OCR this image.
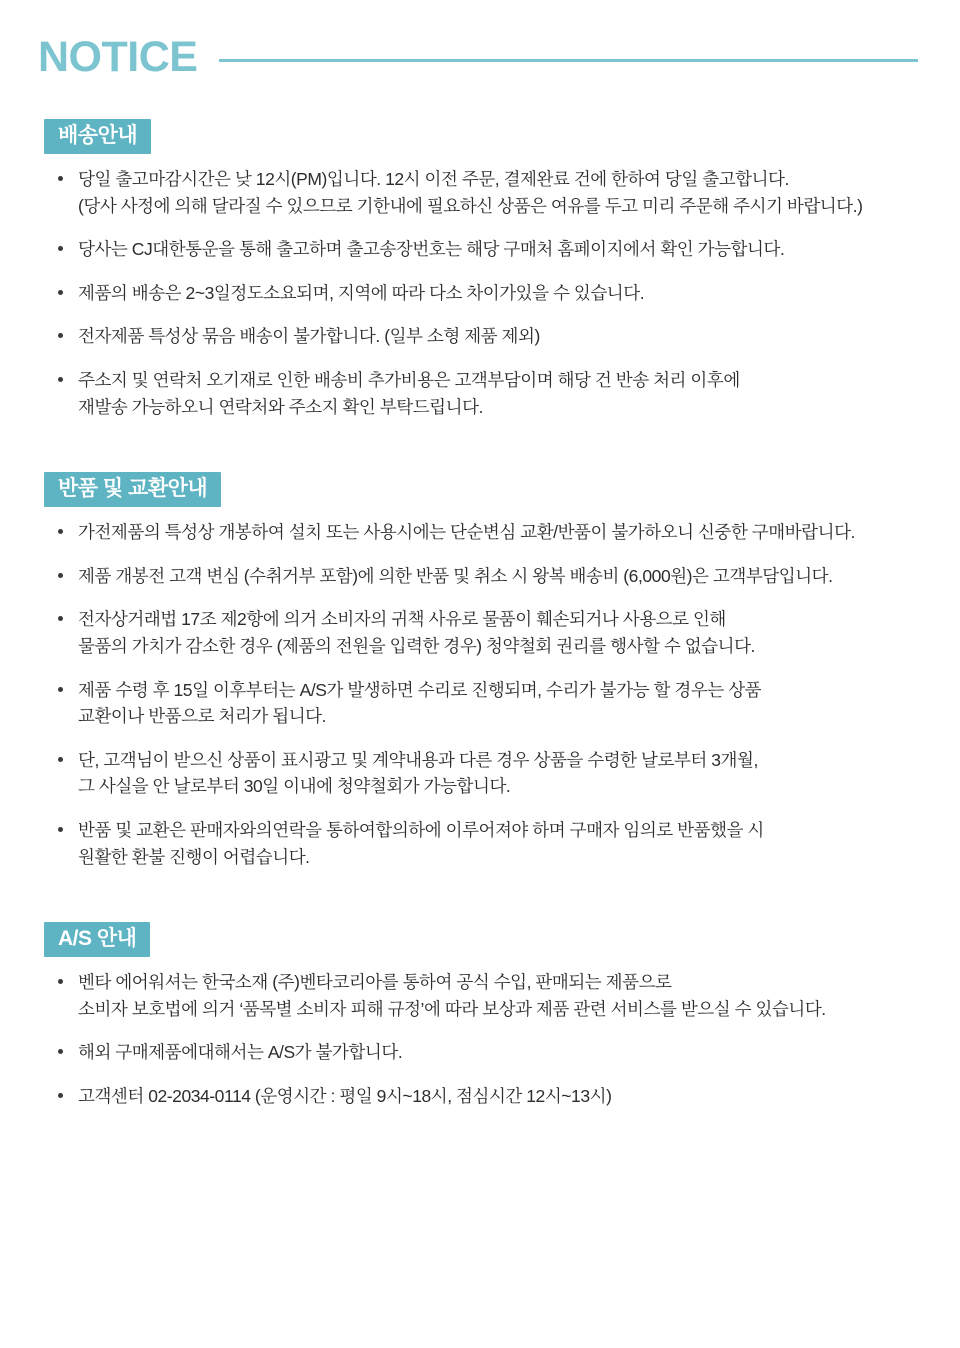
NOTICE
배송안내
당일 출고마감시간은 낮 12시(PM)입니다. 12시 이전 주문, 결제완료 건에 한하여 당일 출고합니다.
(당사 사정에 의해 달라질 수 있으므로 기한내에 필요하신 상품은 여유를 두고 미리 주문해 주시기 바랍니다.)
당사는 CJ대한통운을 통해 출고하며 출고송장번호는 해당 구매처 홈페이지에서 확인 가능합니다.
제품의 배송은 2~3일정도소요되며, 지역에 따라 다소 차이가있을 수 있습니다.
전자제품 특성상 묶음 배송이 불가합니다. (일부 소형 제품 제외)
주소지 및 연락처 오기재로 인한 배송비 추가비용은 고객부담이며 해당 건 반송 처리 이후에
재발송 가능하오니 연락처와 주소지 확인 부탁드립니다.
반품 및 교환안내
가전제품의 특성상 개봉하여 설치 또는 사용시에는 단순변심 교환/반품이 불가하오니 신중한 구매바랍니다.
제품 개봉전 고객 변심 (수취거부 포함)에 의한 반품 및 취소 시 왕복 배송비 (6,000원)은 고객부담입니다.
전자상거래법 17조 제2항에 의거 소비자의 귀책 사유로 물품이 훼손되거나 사용으로 인해
물품의 가치가 감소한 경우 (제품의 전원을 입력한 경우) 청약철회 권리를 행사할 수 없습니다.
제품 수령 후 15일 이후부터는 A/S가 발생하면 수리로 진행되며, 수리가 불가능 할 경우는 상품
교환이나 반품으로 처리가 됩니다.
단, 고객님이 받으신 상품이 표시광고 및 계약내용과 다른 경우 상품을 수령한 날로부터 3개월,
그 사실을 안 날로부터 30일 이내에 청약철회가 가능합니다.
반품 및 교환은 판매자와의연락을 통하여합의하에 이루어져야 하며 구매자 임의로 반품했을 시
원활한 환불 진행이 어렵습니다.
A/S 안내
벤타 에어워셔는 한국소재 (주)벤타코리아를 통하여 공식 수입, 판매되는 제품으로
소비자 보호법에 의거 ‘품목별 소비자 피해 규정’에 따라 보상과 제품 관련 서비스를 받으실 수 있습니다.
해외 구매제품에대해서는 A/S가 불가합니다.
고객센터 02-2034-0114 (운영시간 : 평일 9시~18시, 점심시간 12시~13시)
